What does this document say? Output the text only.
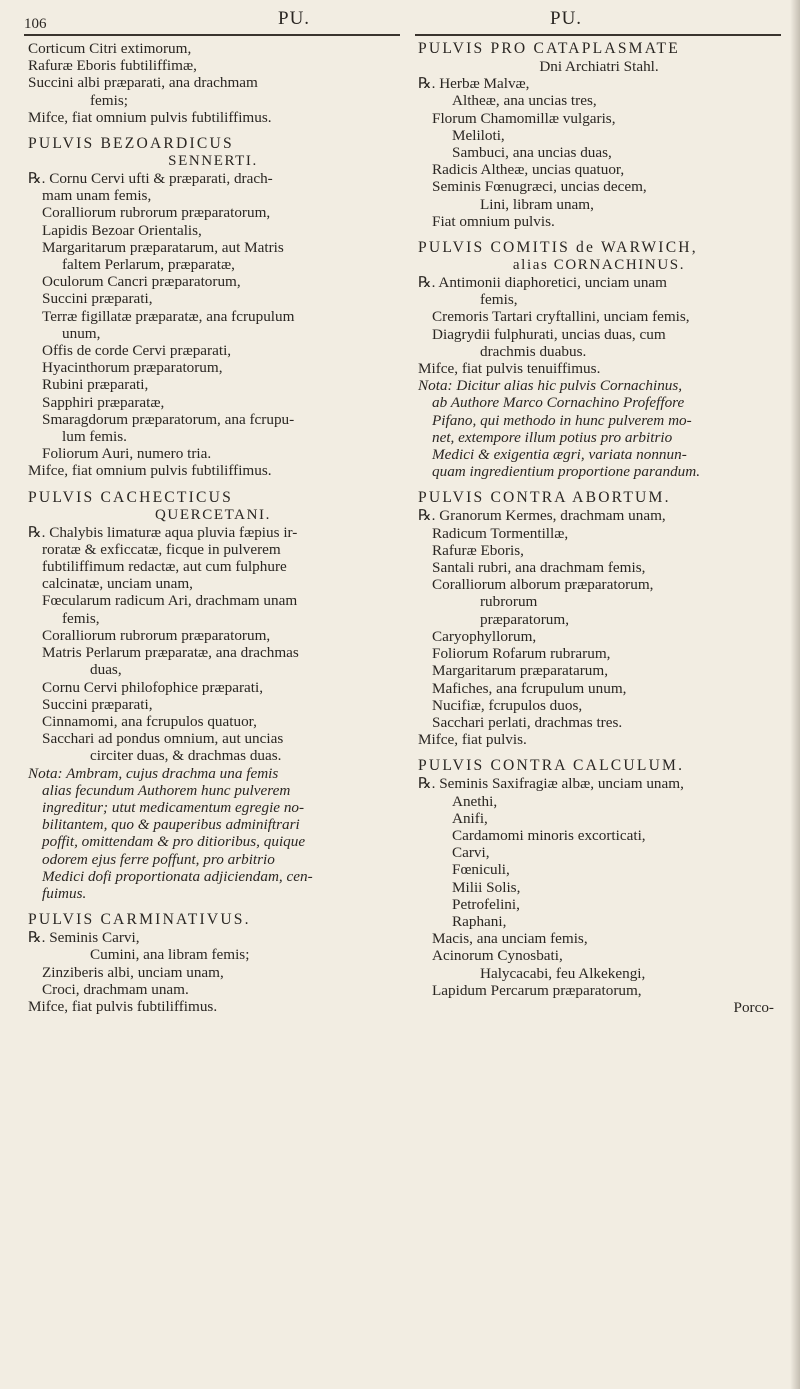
106	PU.	PU.
Corticum Citri extimorum,
Rafuræ Eboris fubtiliffimæ,
Succini albi præparati, ana drachmam
femis;
Mifce, fiat omnium pulvis fubtiliffimus.
PULVIS BEZOARDICUS
SENNERTI.
℞. Cornu Cervi ufti & præparati, drach-
mam unam femis,
Coralliorum rubrorum præparatorum,
Lapidis Bezoar Orientalis,
Margaritarum præparatarum, aut Matris
faltem Perlarum, præparatæ,
Oculorum Cancri præparatorum,
Succini præparati,
Terræ figillatæ præparatæ, ana fcrupulum
unum,
Offis de corde Cervi præparati,
Hyacinthorum præparatorum,
Rubini præparati,
Sapphiri præparatæ,
Smaragdorum præparatorum, ana fcrupu-
lum femis.
Foliorum Auri, numero tria.
Mifce, fiat omnium pulvis fubtiliffimus.
PULVIS CACHECTICUS
QUERCETANI.
℞. Chalybis limaturæ aqua pluvia fæpius ir-
roratæ & exficcatæ, ficque in pulverem
fubtiliffimum redactæ, aut cum fulphure
calcinatæ, unciam unam,
Fœcularum radicum Ari, drachmam unam
femis,
Coralliorum rubrorum præparatorum,
Matris Perlarum præparatæ, ana drachmas
duas,
Cornu Cervi philofophice præparati,
Succini præparati,
Cinnamomi, ana fcrupulos quatuor,
Sacchari ad pondus omnium, aut uncias
circiter duas, & drachmas duas.
Nota: Ambram, cujus drachma una femis
alias fecundum Authorem hunc pulverem
ingreditur; utut medicamentum egregie no-
bilitantem, quo & pauperibus adminiftrari
poffit, omittendam & pro ditioribus, quique
odorem ejus ferre poffunt, pro arbitrio
Medici dofi proportionata adjiciendam, cen-
fuimus.
PULVIS CARMINATIVUS.
℞. Seminis Carvi,
Cumini, ana libram femis;
Zinziberis albi, unciam unam,
Croci, drachmam unam.
Mifce, fiat pulvis fubtiliffimus.
PULVIS PRO CATAPLASMATE
Dni Archiatri Stahl.
℞. Herbæ Malvæ,
Altheæ, ana uncias tres,
Florum Chamomillæ vulgaris,
Meliloti,
Sambuci, ana uncias duas,
Radicis Altheæ, uncias quatuor,
Seminis Fœnugræci, uncias decem,
Lini, libram unam,
Fiat omnium pulvis.
PULVIS COMITIS de WARWICH,
alias CORNACHINUS.
℞. Antimonii diaphoretici, unciam unam
femis,
Cremoris Tartari cryftallini, unciam femis,
Diagrydii fulphurati, uncias duas, cum
drachmis duabus.
Mifce, fiat pulvis tenuiffimus.
Nota: Dicitur alias hic pulvis Cornachinus,
ab Authore Marco Cornachino Profeffore
Pifano, qui methodo in hunc pulverem mo-
net, extempore illum potius pro arbitrio
Medici & exigentia ægri, variata nonnun-
quam ingredientium proportione parandum.
PULVIS CONTRA ABORTUM.
℞. Granorum Kermes, drachmam unam,
Radicum Tormentillæ,
Rafuræ Eboris,
Santali rubri, ana drachmam femis,
Coralliorum alborum præparatorum,
rubrorum
præparatorum,
Caryophyllorum,
Foliorum Rofarum rubrarum,
Margaritarum præparatarum,
Mafiches, ana fcrupulum unum,
Nucifiæ, fcrupulos duos,
Sacchari perlati, drachmas tres.
Mifce, fiat pulvis.
PULVIS CONTRA CALCULUM.
℞. Seminis Saxifragiæ albæ, unciam unam,
Anethi,
Anifi,
Cardamomi minoris excorticati,
Carvi,
Fœniculi,
Milii Solis,
Petrofelini,
Raphani,
Macis, ana unciam femis,
Acinorum Cynosbati,
Halycacabi, feu Alkekengi,
Lapidum Percarum præparatorum,
Porco-
